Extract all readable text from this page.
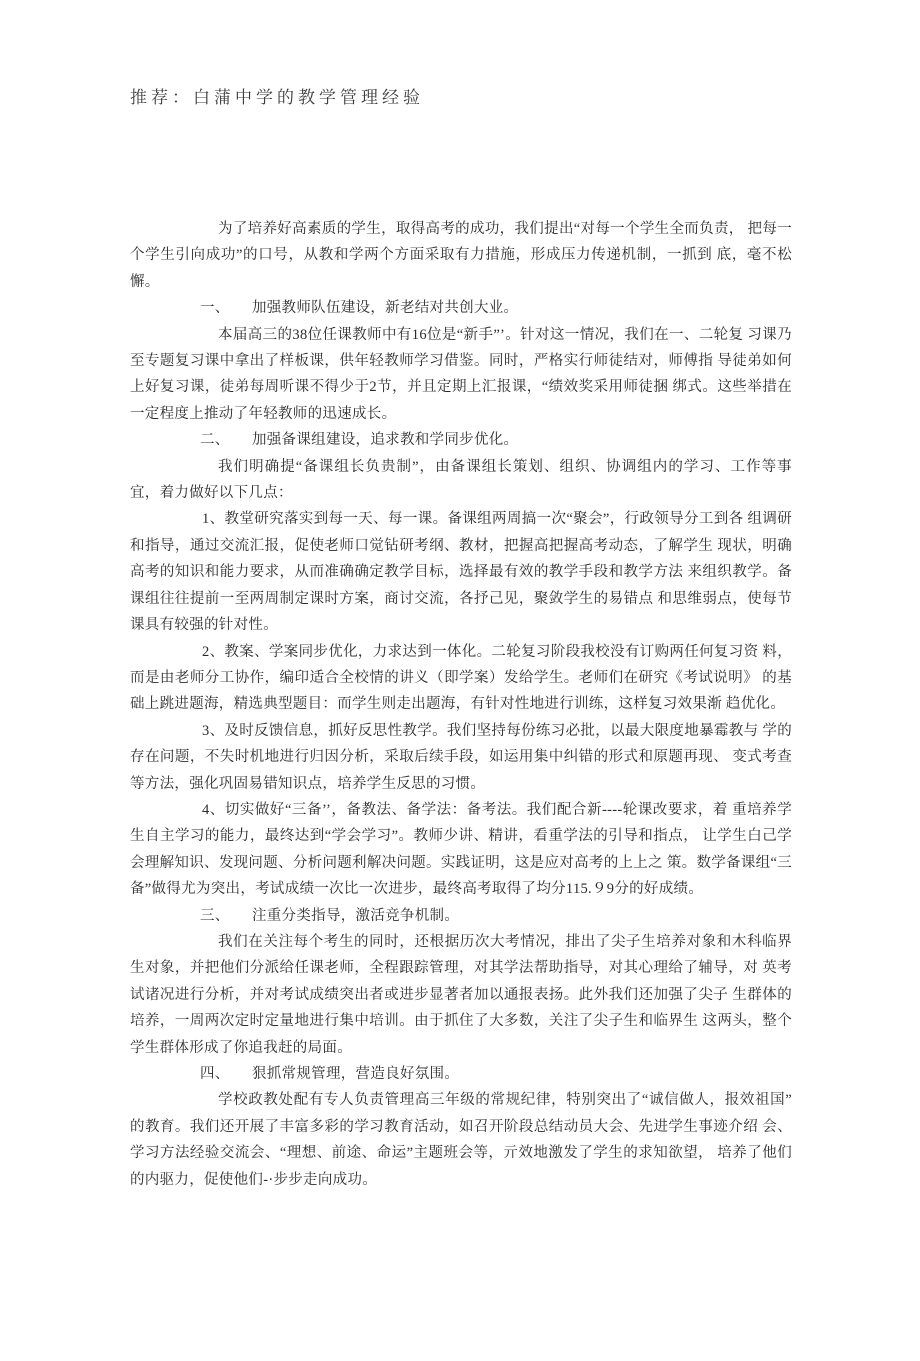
推荐：白蒲中学的教学管理经验

为了培养好高素质的学生，取得高考的成功，我们提出“对每一个学生全而负责， 把每一个学生引向成功”的口号，从教和学两个方面采取有力措施，形成压力传递机制，一抓到 底，毫不松懈。

一、　　加强教师队伍建设，新老结对共创大业。

本届高三的38位任课教师中有16位是“新手”’。针对这一情况，我们在一、二轮复 习课乃至专题复习课中拿出了样板课，供年轻教师学习借鉴。同时，严格实行师徒结对，师傅指 导徒弟如何上好复习课，徒弟每周听课不得少于2节，并且定期上汇报课，“绩效奖采用师徒捆 绑式。这些举措在一定程度上推动了年轻教师的迅速成长。

二、　　加强备课组建设，追求教和学同步优化。

我们明确提“备课组长负贵制”，由备课组长策划、组织、协调组内的学习、工作等事 宜，着力做好以下几点：

1、教堂研究落实到每一天、每一课。备课组两周搞一次“聚会”，行政领导分工到各 组调研和指导，通过交流汇报，促使老师口觉钻研考纲、教材，把握高把握高考动态，了解学生 现状，明确高考的知识和能力要求，从而准确确定教学目标，选择最有效的教学手段和教学方法 来组织教学。备课组往往提前一至两周制定课时方案，商讨交流，各抒己见，聚敛学生的易错点 和思维弱点，使每节课具有较强的针对性。

2、教案、学案同步优化，力求达到一体化。二轮复习阶段我校没有订购两任何复习资 料，而是由老师分工协作，编印适合全校情的讲义（即学案）发给学生。老师们在研究《考试说明》 的基础上跳进题海，精选典型题目：而学生则走出题海，有针对性地进行训练，这样复习效果渐 趋优化。

3、及时反馈信息，抓好反思性教学。我们坚持每份练习必批，以最大限度地暴霉教与 学的存在问题，不失时机地进行归因分析，采取后续手段，如运用集中纠错的形式和原题再现、 变式考查等方法，强化巩固易错知识点，培养学生反思的习惯。

4、切实做好“三备’’，备教法、备学法：备考法。我们配合新----轮课改要求，着 重培养学生自主学习的能力，最终达到“学会学习”。教师少讲、精讲，看重学法的引导和指点， 让学生白己学会理解知识、发现问题、分析问题利解决问题。实践证明，这是应对高考的上上之 策。数学备课组“三备”做得尤为突出，考试成绩一次比一次进步，最终高考取得了均分115.９9分的好成绩。

三、　　注重分类指导，激活竞争机制。

我们在关注每个考生的同时，还根据历次大考情况，排出了尖子生培养对象和木科临界 生对象，并把他们分派给任课老师，全程跟踪管理，对其学法帮助指导，对其心理给了辅导，对 英考试诸况进行分析，并对考试成绩突出者或进步显著者加以通报表扬。此外我们还加强了尖子 生群体的培养，一周两次定时定量地进行集中培训。由于抓住了大多数，关注了尖子生和临界生 这两头，整个学生群体形成了你追我赶的局面。

四、　　狠抓常规管理，营造良好氛围。

学校政教处配有专人负责管理高三年级的常规纪律，特别突出了“诚信做人，报效祖国” 的教育。我们还开展了丰富多彩的学习教育活动，如召开阶段总结动员大会、先进学生事迹介绍 会、学习方法经验交流会、“理想、前途、命运”主题班会等，亓效地激发了学生的求知欲望， 培养了他们的内驱力，促使他们-·步步走向成功。
